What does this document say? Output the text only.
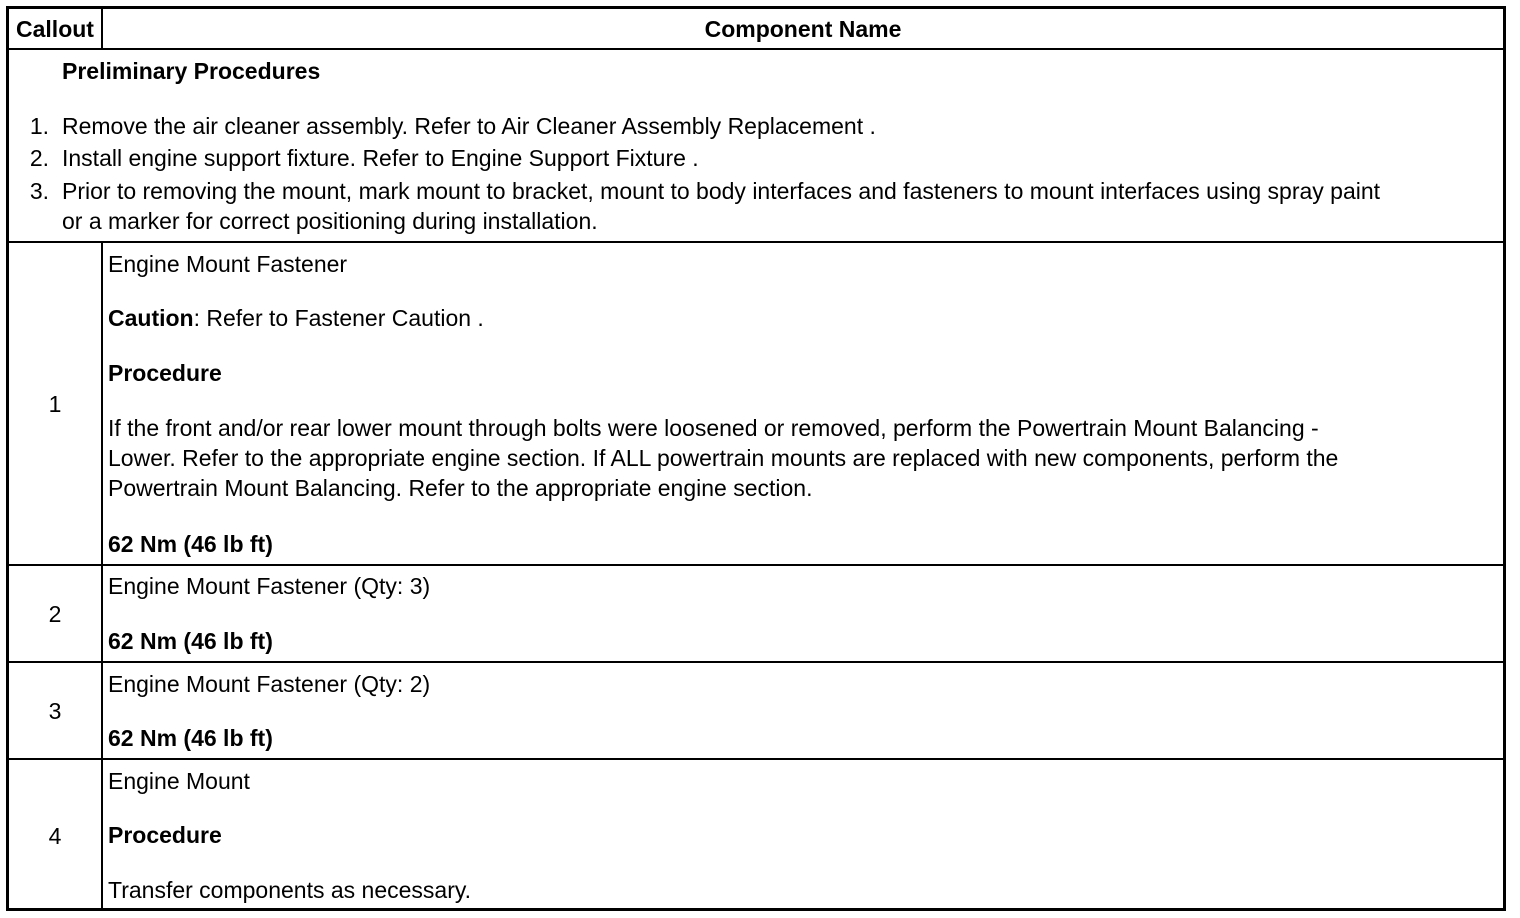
Callout	Component Name
Preliminary Procedures
1. Remove the air cleaner assembly. Refer to Air Cleaner Assembly Replacement .
2. Install engine support fixture. Refer to Engine Support Fixture .
3. Prior to removing the mount, mark mount to bracket, mount to body interfaces and fasteners to mount interfaces using spray paint
or a marker for correct positioning during installation.
1
Engine Mount Fastener
Caution: Refer to Fastener Caution .
Procedure
If the front and/or rear lower mount through bolts were loosened or removed, perform the Powertrain Mount Balancing -
Lower. Refer to the appropriate engine section. If ALL powertrain mounts are replaced with new components, perform the
Powertrain Mount Balancing. Refer to the appropriate engine section.
62 Nm (46 lb ft)
2
Engine Mount Fastener (Qty: 3)
62 Nm (46 lb ft)
3
Engine Mount Fastener (Qty: 2)
62 Nm (46 lb ft)
4
Engine Mount
Procedure
Transfer components as necessary.
